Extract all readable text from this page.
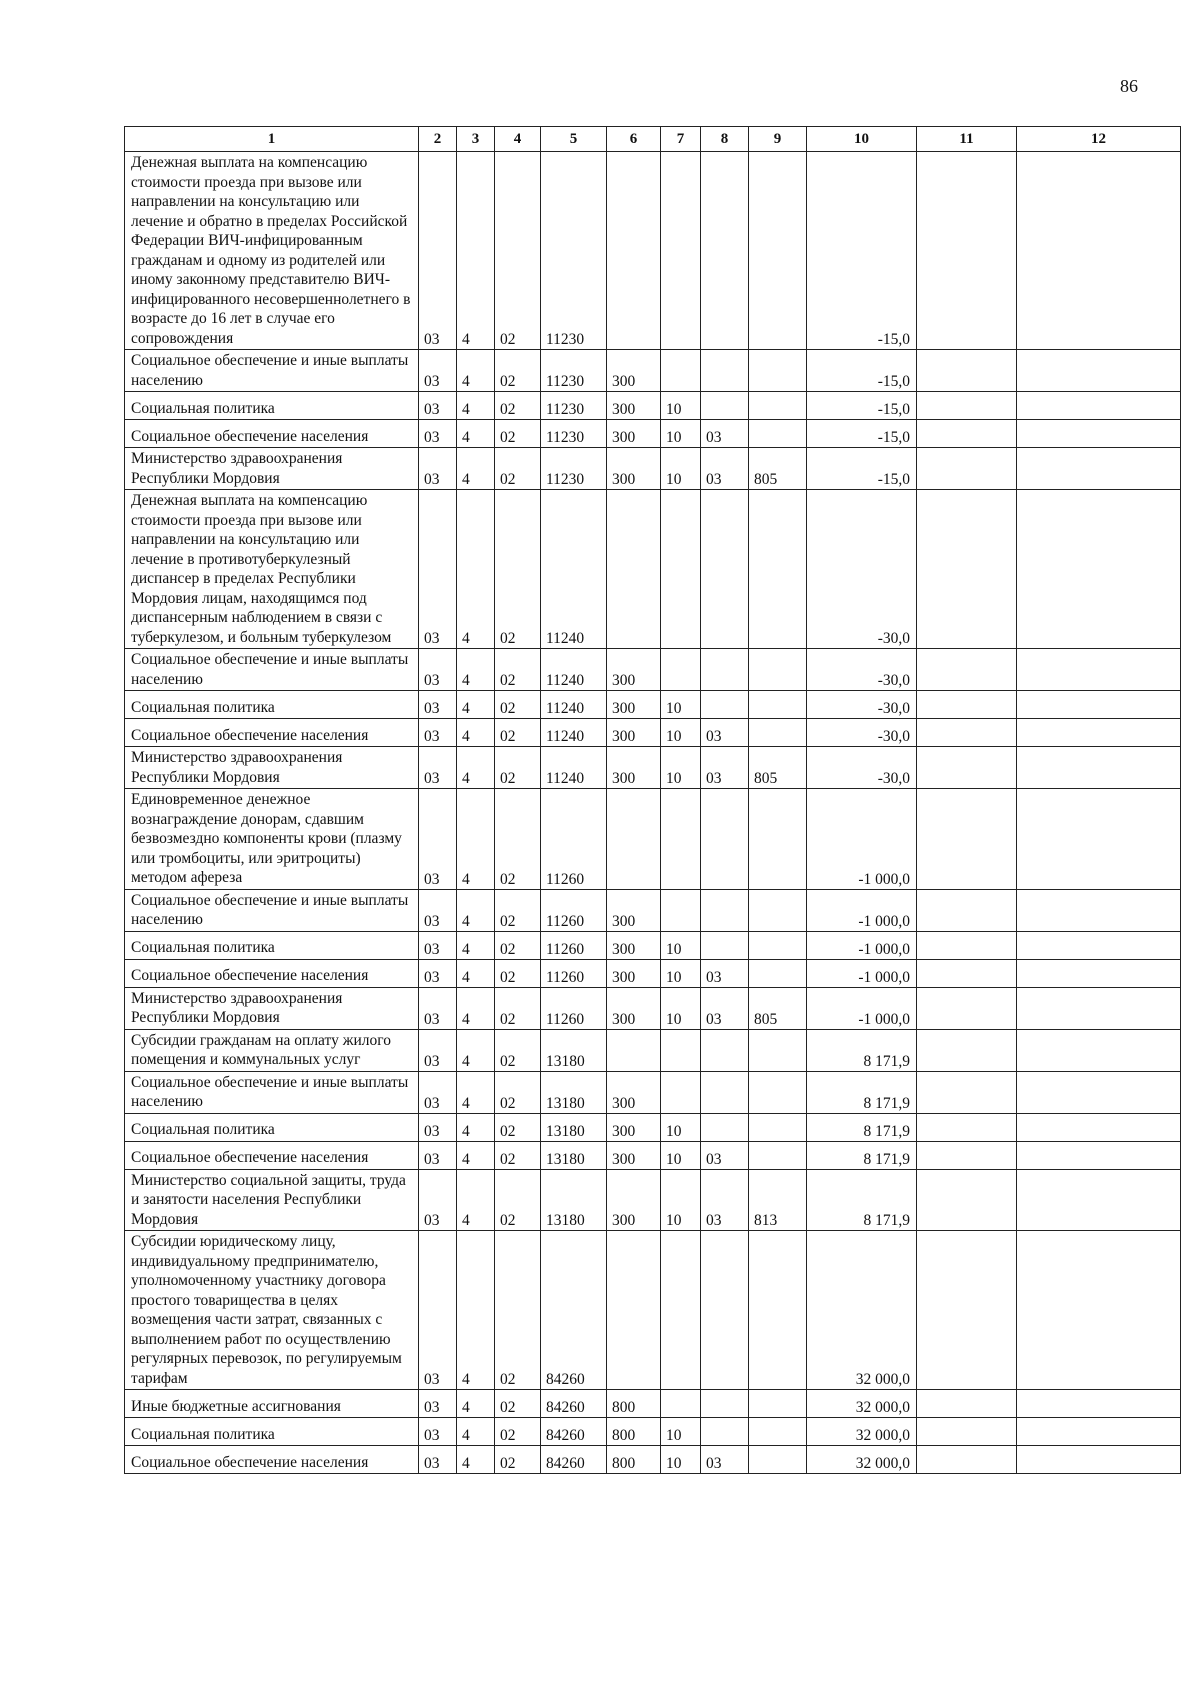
86
1	2	3	4	5	6	7	8	9	10	11	12
Денежная выплата на компенсацию стоимости проезда при вызове или направлении на консультацию или лечение и обратно в пределах Российской Федерации ВИЧ-инфицированным гражданам и одному из родителей или иному законному представителю ВИЧ-инфицированного несовершеннолетнего в возрасте до 16 лет в случае его сопровождения	03	4	02	11230					-15,0		
Социальное обеспечение и иные выплаты населению	03	4	02	11230	300				-15,0		
Социальная политика	03	4	02	11230	300	10			-15,0		
Социальное обеспечение населения	03	4	02	11230	300	10	03		-15,0		
Министерство здравоохранения Республики Мордовия	03	4	02	11230	300	10	03	805	-15,0		
Денежная выплата на компенсацию стоимости проезда при вызове или направлении на консультацию или лечение в противотуберкулезный диспансер в пределах Республики Мордовия лицам, находящимся под диспансерным наблюдением в связи с туберкулезом, и больным туберкулезом	03	4	02	11240					-30,0		
Социальное обеспечение и иные выплаты населению	03	4	02	11240	300				-30,0		
Социальная политика	03	4	02	11240	300	10			-30,0		
Социальное обеспечение населения	03	4	02	11240	300	10	03		-30,0		
Министерство здравоохранения Республики Мордовия	03	4	02	11240	300	10	03	805	-30,0		
Единовременное денежное вознаграждение донорам, сдавшим безвозмездно компоненты крови (плазму или тромбоциты, или эритроциты) методом афереза	03	4	02	11260					-1 000,0		
Социальное обеспечение и иные выплаты населению	03	4	02	11260	300				-1 000,0		
Социальная политика	03	4	02	11260	300	10			-1 000,0		
Социальное обеспечение населения	03	4	02	11260	300	10	03		-1 000,0		
Министерство здравоохранения Республики Мордовия	03	4	02	11260	300	10	03	805	-1 000,0		
Субсидии гражданам на оплату жилого помещения и коммунальных услуг	03	4	02	13180					8 171,9		
Социальное обеспечение и иные выплаты населению	03	4	02	13180	300				8 171,9		
Социальная политика	03	4	02	13180	300	10			8 171,9		
Социальное обеспечение населения	03	4	02	13180	300	10	03		8 171,9		
Министерство социальной защиты, труда и занятости населения Республики Мордовия	03	4	02	13180	300	10	03	813	8 171,9		
Субсидии юридическому лицу, индивидуальному предпринимателю, уполномоченному участнику договора простого товарищества в целях возмещения части затрат, связанных с выполнением работ по осуществлению регулярных перевозок, по регулируемым тарифам	03	4	02	84260					32 000,0		
Иные бюджетные ассигнования	03	4	02	84260	800				32 000,0		
Социальная политика	03	4	02	84260	800	10			32 000,0		
Социальное обеспечение населения	03	4	02	84260	800	10	03		32 000,0		
